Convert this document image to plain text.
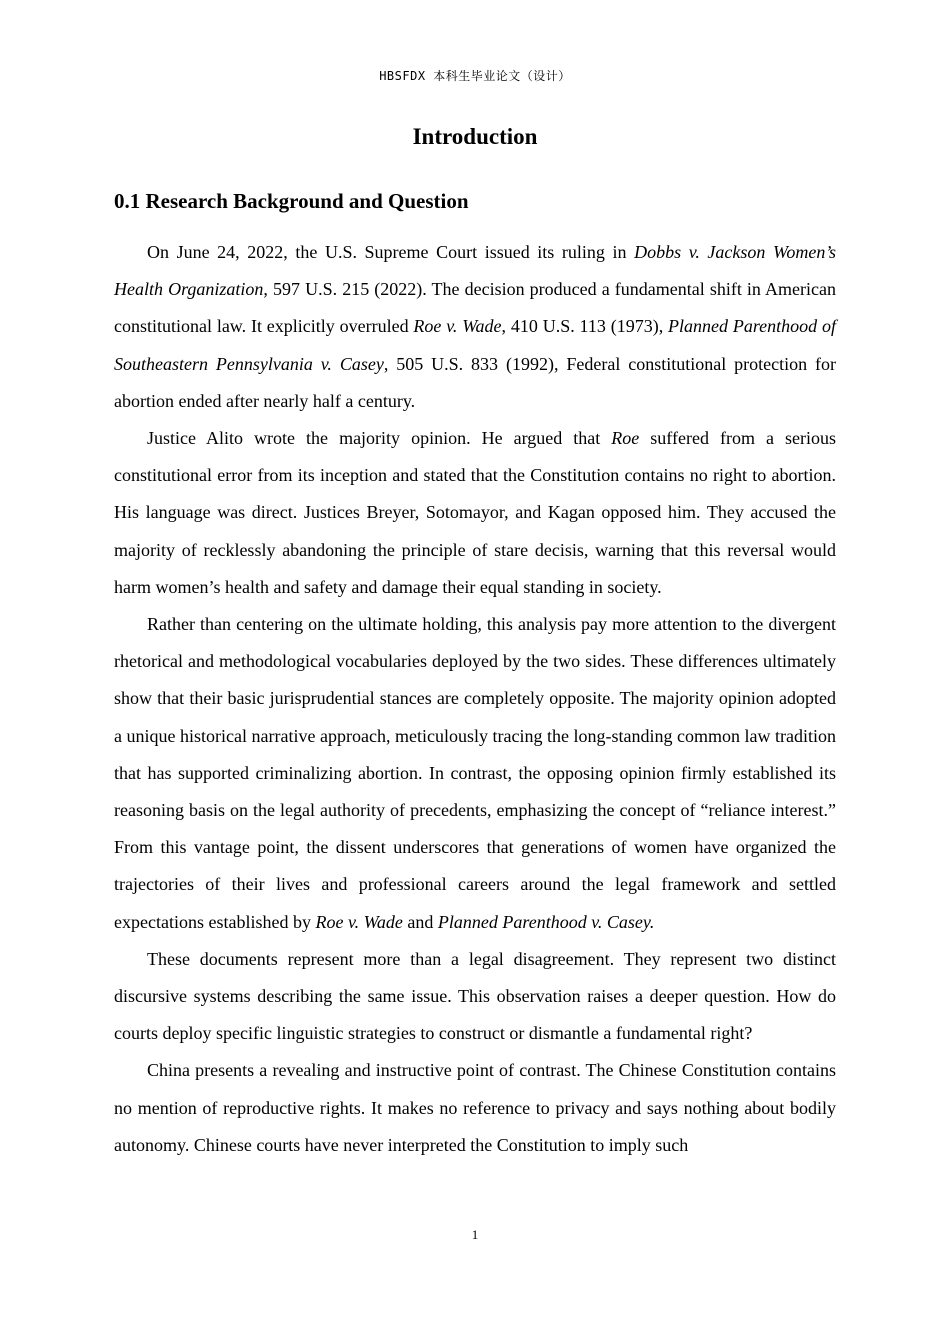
HBSFDX 本科生毕业论文（设计）
Introduction
0.1 Research Background and Question

On June 24, 2022, the U.S. Supreme Court issued its ruling in Dobbs v. Jackson Women’s Health Organization, 597 U.S. 215 (2022). The decision produced a fundamental shift in American constitutional law. It explicitly overruled Roe v. Wade, 410 U.S. 113 (1973), Planned Parenthood of Southeastern Pennsylvania v. Casey, 505 U.S. 833 (1992), Federal constitutional protection for abortion ended after nearly half a century.

Justice Alito wrote the majority opinion. He argued that Roe suffered from a serious constitutional error from its inception and stated that the Constitution contains no right to abortion. His language was direct. Justices Breyer, Sotomayor, and Kagan opposed him. They accused the majority of recklessly abandoning the principle of stare decisis, warning that this reversal would harm women’s health and safety and damage their equal standing in society.

Rather than centering on the ultimate holding, this analysis pay more attention to the divergent rhetorical and methodological vocabularies deployed by the two sides. These differences ultimately show that their basic jurisprudential stances are completely opposite. The majority opinion adopted a unique historical narrative approach, meticulously tracing the long-standing common law tradition that has supported criminalizing abortion. In contrast, the opposing opinion firmly established its reasoning basis on the legal authority of precedents, emphasizing the concept of “reliance interest.” From this vantage point, the dissent underscores that generations of women have organized the trajectories of their lives and professional careers around the legal framework and settled expectations established by Roe v. Wade and Planned Parenthood v. Casey.

These documents represent more than a legal disagreement. They represent two distinct discursive systems describing the same issue. This observation raises a deeper question. How do courts deploy specific linguistic strategies to construct or dismantle a fundamental right?

China presents a revealing and instructive point of contrast. The Chinese Constitution contains no mention of reproductive rights. It makes no reference to privacy and says nothing about bodily autonomy. Chinese courts have never interpreted the Constitution to imply such

1
